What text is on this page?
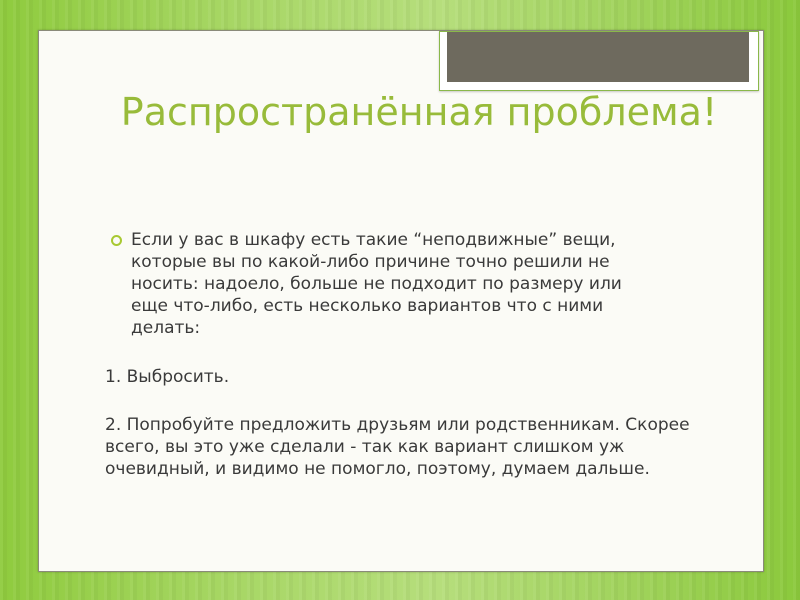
Распространённая проблема!
Если у вас в шкафу есть такие “неподвижные” вещи, которые вы по какой-либо причине точно решили не носить: надоело, больше не подходит по размеру или еще что-либо, есть несколько вариантов что с ними делать:

1. Выбросить.

2. Попробуйте предложить друзьям или родственникам. Скорее всего, вы это уже сделали - так как вариант слишком уж очевидный, и видимо не помогло, поэтому, думаем дальше.
